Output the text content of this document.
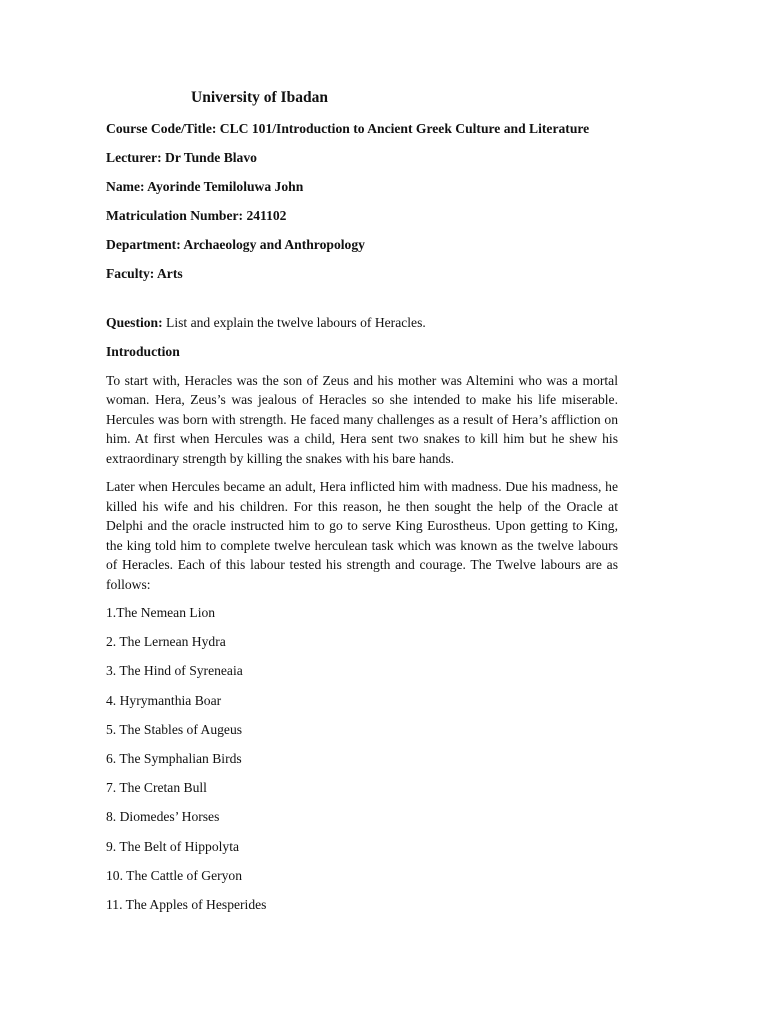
University of Ibadan
Course Code/Title: CLC 101/Introduction to Ancient Greek Culture and Literature
Lecturer: Dr Tunde Blavo
Name: Ayorinde Temiloluwa John
Matriculation Number: 241102
Department: Archaeology and Anthropology
Faculty: Arts
Question: List and explain the twelve labours of Heracles.
Introduction

To start with, Heracles was the son of Zeus and his mother was Altemini who was a mortal woman. Hera, Zeus’s was jealous of Heracles so she intended to make his life miserable. Hercules was born with strength. He faced many challenges as a result of Hera’s affliction on him. At first when Hercules was a child, Hera sent two snakes to kill him but he shew his extraordinary strength by killing the snakes with his bare hands.

Later when Hercules became an adult, Hera inflicted him with madness. Due his madness, he killed his wife and his children. For this reason, he then sought the help of the Oracle at Delphi and the oracle instructed him to go to serve King Eurostheus. Upon getting to King, the king told him to complete twelve herculean task which was known as the twelve labours of Heracles. Each of this labour tested his strength and courage. The Twelve labours are as follows:

1.The Nemean Lion
2. The Lernean Hydra
3. The Hind of Syreneaia
4. Hyrymanthia Boar
5. The Stables of Augeus
6. The Symphalian Birds
7. The Cretan Bull
8. Diomedes’ Horses
9. The Belt of Hippolyta
10. The Cattle of Geryon
11. The Apples of Hesperides
